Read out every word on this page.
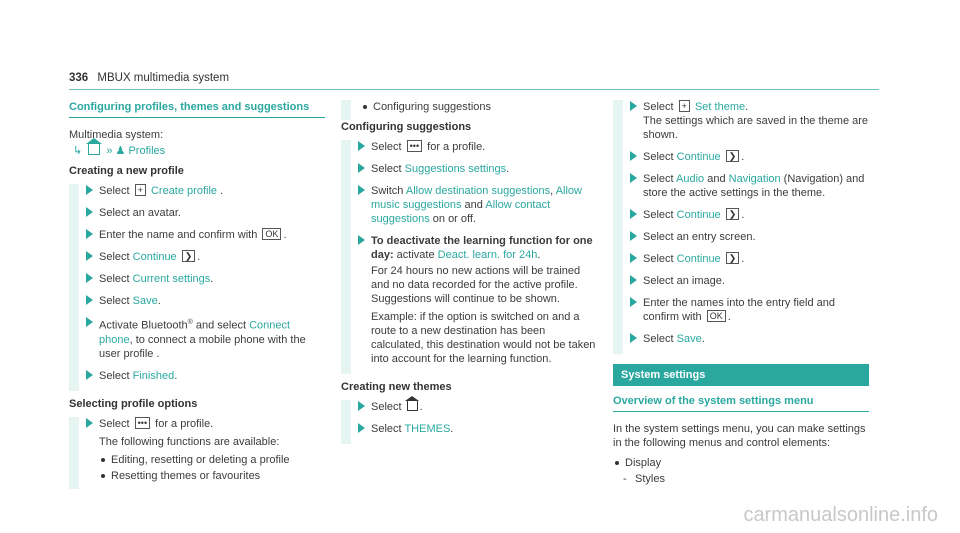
336 MBUX multimedia system
Configuring profiles, themes and suggestions
Multimedia system:
↳ » ♟ Profiles
Creating a new profile
Select + Create profile .
Select an avatar.
Enter the name and confirm with OK .
Select Continue ❯ .
Select Current settings.
Select Save.
Activate Bluetooth® and select Connect phone, to connect a mobile phone with the user profile .
Select Finished.
Selecting profile options
Select ••• for a profile.
The following functions are available:
Editing, resetting or deleting a profile
Resetting themes or favourites
Configuring suggestions
Configuring suggestions
Select ••• for a profile.
Select Suggestions settings.
Switch Allow destination suggestions, Allow music suggestions and Allow contact suggestions on or off.
To deactivate the learning function for one day: activate Deact. learn. for 24h.
For 24 hours no new actions will be trained and no data recorded for the active profile. Suggestions will continue to be shown.
Example: if the option is switched on and a route to a new destination has been calculated, this destination would not be taken into account for the learning function.
Creating new themes
Select .
Select THEMES.
Select + Set theme.
The settings which are saved in the theme are shown.
Select Continue ❯ .
Select Audio and Navigation (Navigation) and store the active settings in the theme.
Select Continue ❯ .
Select an entry screen.
Select Continue ❯ .
Select an image.
Enter the names into the entry field and confirm with OK .
Select Save.
System settings
Overview of the system settings menu
In the system settings menu, you can make settings in the following menus and control elements:
Display
- Styles
carmanualsonline.info
